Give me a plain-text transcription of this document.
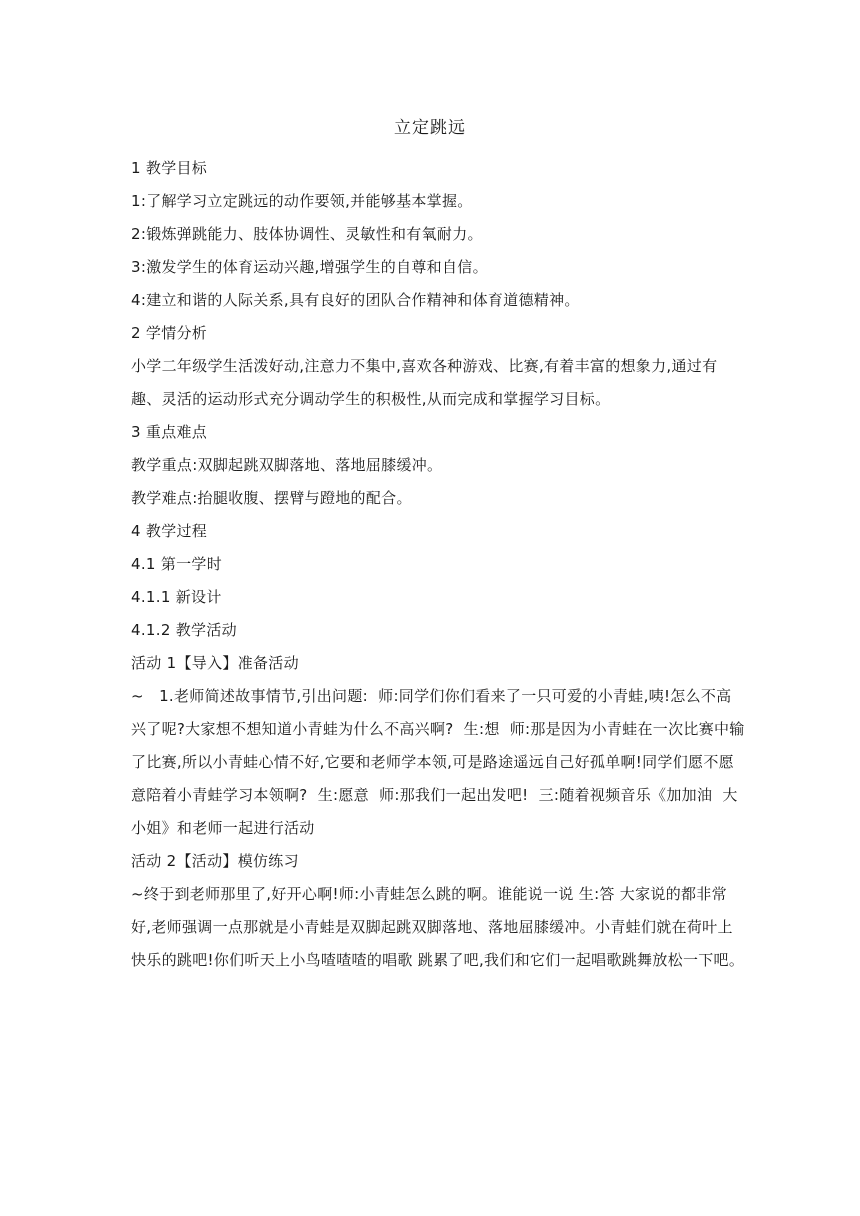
立定跳远

1 教学目标

1:了解学习立定跳远的动作要领,并能够基本掌握。

2:锻炼弹跳能力、肢体协调性、灵敏性和有氧耐力。

3:激发学生的体育运动兴趣,增强学生的自尊和自信。

4:建立和谐的人际关系,具有良好的团队合作精神和体育道德精神。

2 学情分析

小学二年级学生活泼好动,注意力不集中,喜欢各种游戏、比赛,有着丰富的想象力,通过有趣、灵活的运动形式充分调动学生的积极性,从而完成和掌握学习目标。

3 重点难点

教学重点:双脚起跳双脚落地、落地屈膝缓冲。

教学难点:抬腿收腹、摆臂与蹬地的配合。

4 教学过程

4.1 第一学时

4.1.1 新设计

4.1.2 教学活动

活动 1【导入】准备活动

~   1.老师简述故事情节,引出问题:  师:同学们你们看来了一只可爱的小青蛙,咦!怎么不高兴了呢?大家想不想知道小青蛙为什么不高兴啊?  生:想  师:那是因为小青蛙在一次比赛中输了比赛,所以小青蛙心情不好,它要和老师学本领,可是路途遥远自己好孤单啊!同学们愿不愿意陪着小青蛙学习本领啊?  生:愿意  师:那我们一起出发吧!  三:随着视频音乐《加加油  大小姐》和老师一起进行活动

活动 2【活动】模仿练习

~终于到老师那里了,好开心啊!师:小青蛙怎么跳的啊。谁能说一说 生:答 大家说的都非常好,老师强调一点那就是小青蛙是双脚起跳双脚落地、落地屈膝缓冲。小青蛙们就在荷叶上快乐的跳吧!你们听天上小鸟喳喳喳的唱歌 跳累了吧,我们和它们一起唱歌跳舞放松一下吧。
